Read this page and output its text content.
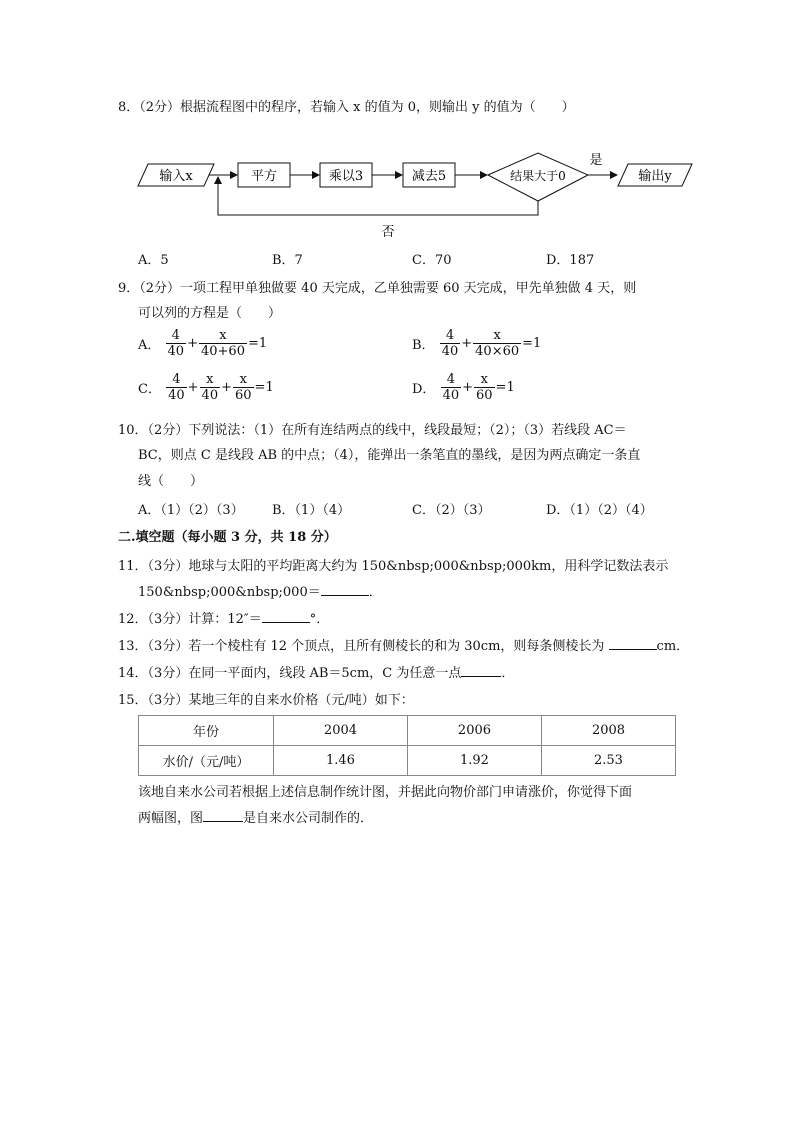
8．（2分）根据流程图中的程序，若输入 x 的值为 0，则输出 y 的值为（　　）
输入x	平方	乘以3	减去5	结果大于0
是
输出y
否
A．5	B．7	C．70	D．187
9．（2分）一项工程甲单独做要 40 天完成，乙单独需要 60 天完成，甲先单独做 4 天，则
可以列的方程是（　　）
A． $\frac{4}{40} + \frac{x}{40+60} =1$	B． $\frac{4}{40} + \frac{x}{40\times 60} =1$
C． $\frac{4}{40} + \frac{x}{40} + \frac{x}{60} =1$	D． $\frac{4}{40} + \frac{x}{60} =1$
10．（2分）下列说法：（1）在所有连结两点的线中，线段最短；（2）；（3）若线段 AC＝
BC，则点 C 是线段 AB 的中点；（4），能弹出一条笔直的墨线，是因为两点确定一条直
线（　　）
A．（1）（2）（3） B．（1）（4）	C．（2）（3）	D．（1）（2）（4）
二.填空题（每小题 3 分，共 18 分）
11．（3分）地球与太阳的平均距离大约为 150&nbsp;000&nbsp;000km，用科学记数法表示
150&nbsp;000&nbsp;000＝	．
12．（3分）计算：12″＝	°．
13．（3分）若一个棱柱有 12 个顶点，且所有侧棱长的和为 30cm，则每条侧棱长为	cm．
14．（3分）在同一平面内，线段 AB＝5cm，C 为任意一点	．
15．（3分）某地三年的自来水价格（元/吨）如下：
年份	2004	2006	2008
水价/（元/吨）	1.46	1.92	2.53
该地自来水公司若根据上述信息制作统计图，并据此向物价部门申请涨价，你觉得下面
两幅图，图	是自来水公司制作的．
